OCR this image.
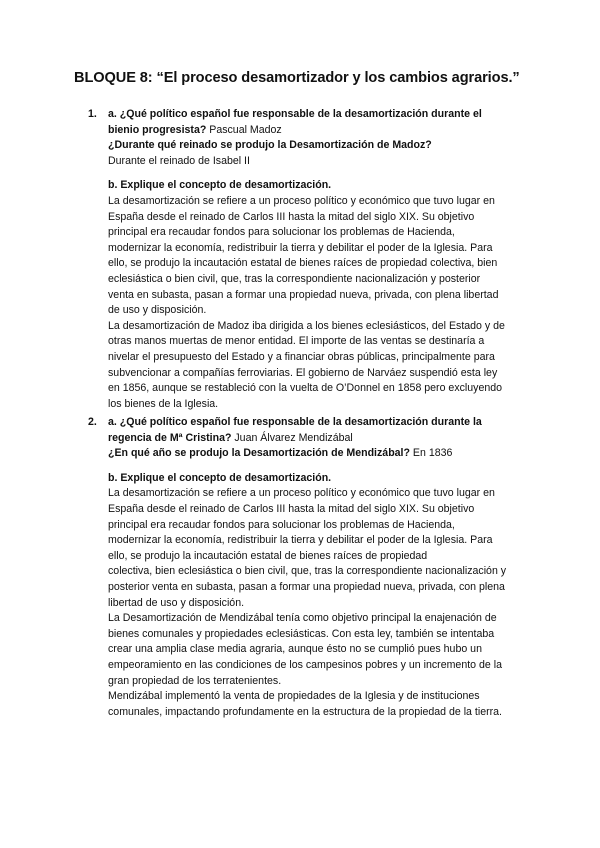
BLOQUE 8: “El proceso desamortizador y los cambios agrarios.”
1. a. ¿Qué político español fue responsable de la desamortización durante el
bienio progresista? Pascual Madoz
¿Durante qué reinado se produjo la Desamortización de Madoz?
Durante el reinado de Isabel II
b. Explique el concepto de desamortización.
La desamortización se refiere a un proceso político y económico que tuvo lugar en
España desde el reinado de Carlos III hasta la mitad del siglo XIX. Su objetivo
principal era recaudar fondos para solucionar los problemas de Hacienda,
modernizar la economía, redistribuir la tierra y debilitar el poder de la Iglesia. Para
ello, se produjo la incautación estatal de bienes raíces de propiedad colectiva, bien
eclesiástica o bien civil, que, tras la correspondiente nacionalización y posterior
venta en subasta, pasan a formar una propiedad nueva, privada, con plena libertad
de uso y disposición.
La desamortización de Madoz iba dirigida a los bienes eclesiásticos, del Estado y de
otras manos muertas de menor entidad. El importe de las ventas se destinaría a
nivelar el presupuesto del Estado y a financiar obras públicas, principalmente para
subvencionar a compañías ferroviarias. El gobierno de Narváez suspendió esta ley
en 1856, aunque se restableció con la vuelta de O’Donnel en 1858 pero excluyendo
los bienes de la Iglesia.
2. a. ¿Qué político español fue responsable de la desamortización durante la
regencia de Mª Cristina? Juan Álvarez Mendizábal
¿En qué año se produjo la Desamortización de Mendizábal? En 1836
b. Explique el concepto de desamortización.
La desamortización se refiere a un proceso político y económico que tuvo lugar en
España desde el reinado de Carlos III hasta la mitad del siglo XIX. Su objetivo
principal era recaudar fondos para solucionar los problemas de Hacienda,
modernizar la economía, redistribuir la tierra y debilitar el poder de la Iglesia. Para
ello, se produjo la incautación estatal de bienes raíces de propiedad
colectiva, bien eclesiástica o bien civil, que, tras la correspondiente nacionalización y
posterior venta en subasta, pasan a formar una propiedad nueva, privada, con plena
libertad de uso y disposición.
La Desamortización de Mendizábal tenía como objetivo principal la enajenación de
bienes comunales y propiedades eclesiásticas. Con esta ley, también se intentaba
crear una amplia clase media agraria, aunque ésto no se cumplió pues hubo un
empeoramiento en las condiciones de los campesinos pobres y un incremento de la
gran propiedad de los terratenientes.
Mendizábal implementó la venta de propiedades de la Iglesia y de instituciones
comunales, impactando profundamente en la estructura de la propiedad de la tierra.
